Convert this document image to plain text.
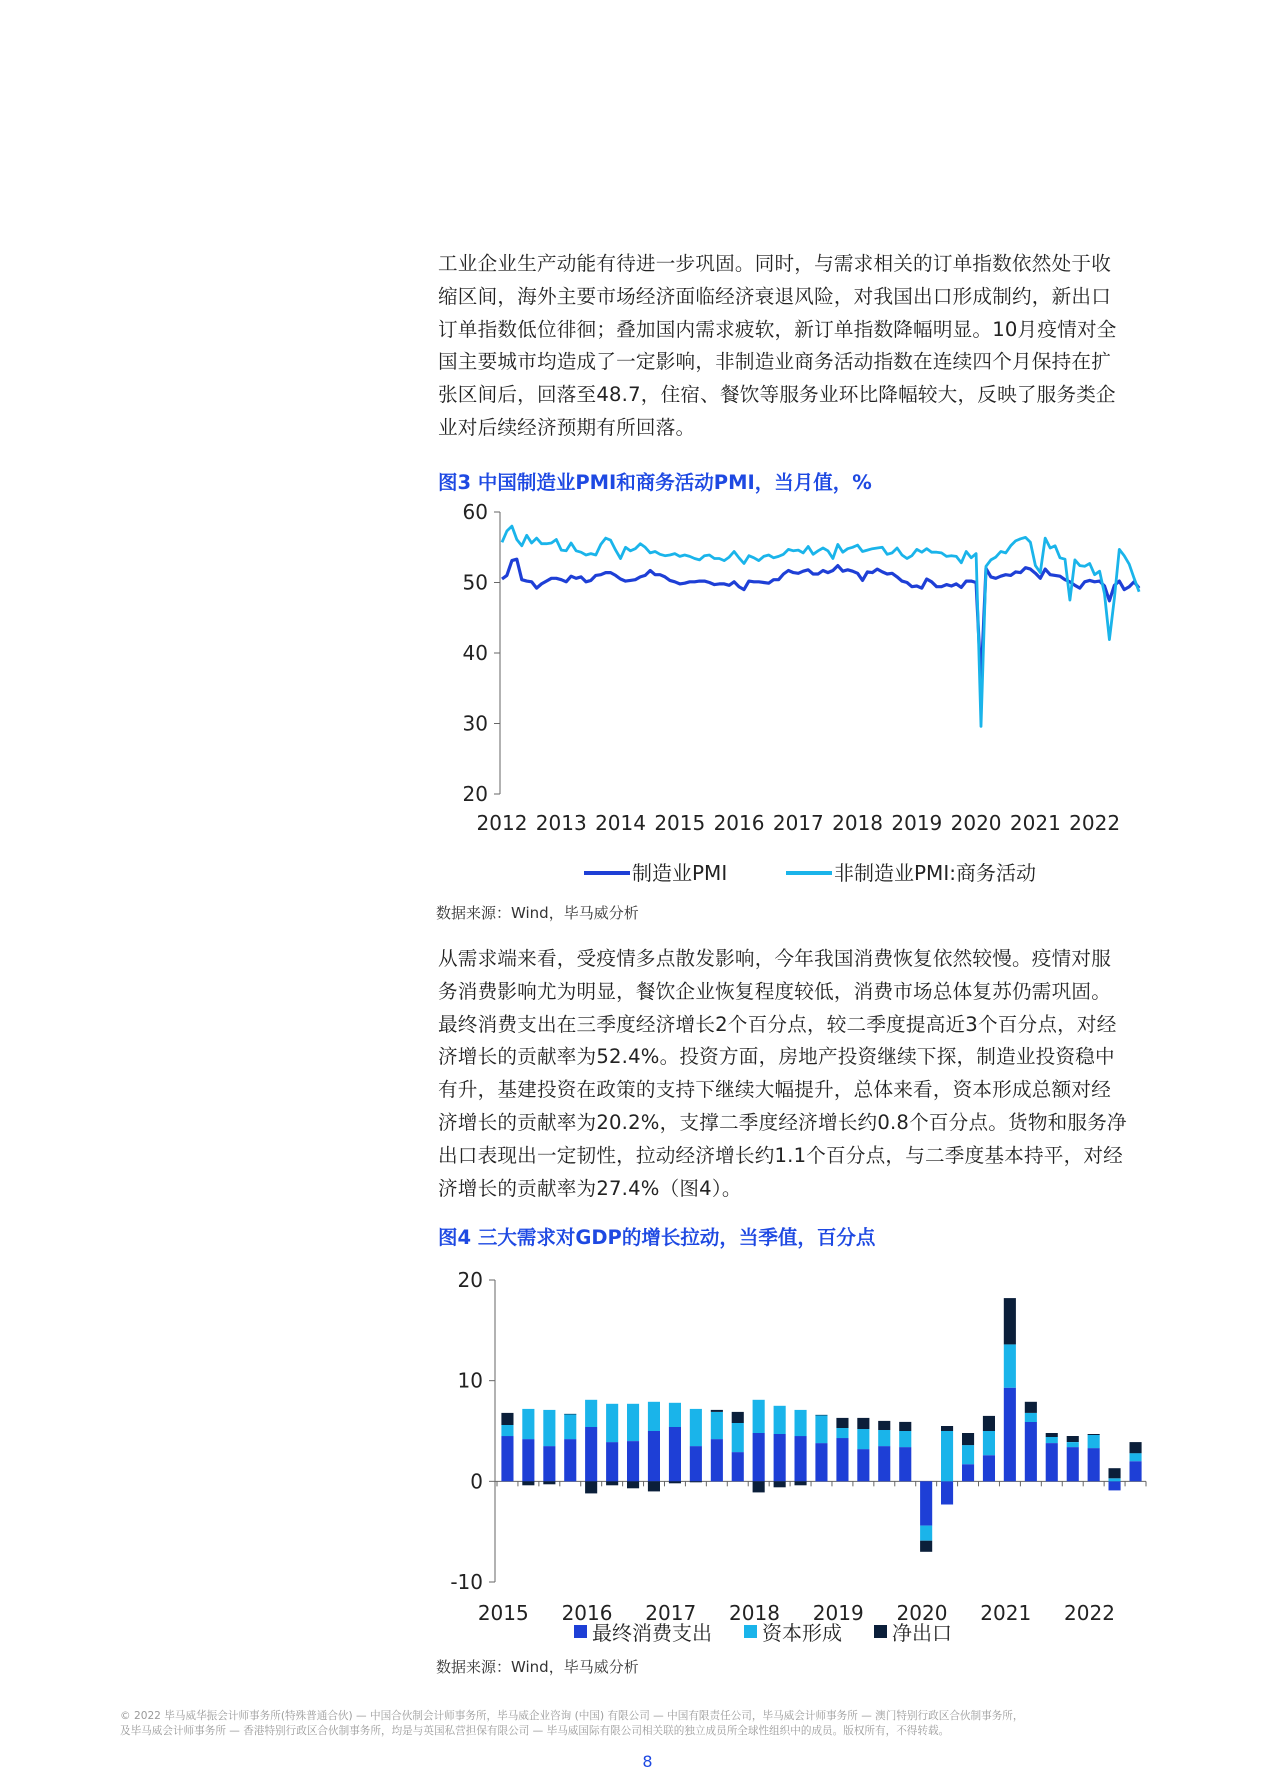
工业企业生产动能有待进一步巩固。同时，与需求相关的订单指数依然处于收
缩区间，海外主要市场经济面临经济衰退风险，对我国出口形成制约，新出口
订单指数低位徘徊；叠加国内需求疲软，新订单指数降幅明显。10月疫情对全
国主要城市均造成了一定影响，非制造业商务活动指数在连续四个月保持在扩
张区间后，回落至48.7，住宿、餐饮等服务业环比降幅较大，反映了服务类企
业对后续经济预期有所回落。
图3 中国制造业PMI和商务活动PMI，当月值，%
60
50
40
30
20
2012 2013 2014 2015 2016 2017 2018 2019 2020 2021 2022
制造业PMI	非制造业PMI:商务活动
数据来源：Wind，毕马威分析
从需求端来看，受疫情多点散发影响，今年我国消费恢复依然较慢。疫情对服
务消费影响尤为明显，餐饮企业恢复程度较低，消费市场总体复苏仍需巩固。
最终消费支出在三季度经济增长2个百分点，较二季度提高近3个百分点，对经
济增长的贡献率为52.4%。投资方面，房地产投资继续下探，制造业投资稳中
有升，基建投资在政策的支持下继续大幅提升，总体来看，资本形成总额对经
济增长的贡献率为20.2%，支撑二季度经济增长约0.8个百分点。货物和服务净
出口表现出一定韧性，拉动经济增长约1.1个百分点，与二季度基本持平，对经
济增长的贡献率为27.4%（图4）。
图4 三大需求对GDP的增长拉动，当季值，百分点
20
10
0
-10
2015 2016 2017 2018 2019 2020 2021 2022
最终消费支出	资本形成	净出口
数据来源：Wind，毕马威分析
© 2022 毕马威华振会计师事务所(特殊普通合伙) — 中国合伙制会计师事务所，毕马威企业咨询 (中国) 有限公司 — 中国有限责任公司，毕马威会计师事务所 — 澳门特别行政区合伙制事务所，
及毕马威会计师事务所 — 香港特别行政区合伙制事务所，均是与英国私营担保有限公司 — 毕马威国际有限公司相关联的独立成员所全球性组织中的成员。版权所有，不得转载。
8
